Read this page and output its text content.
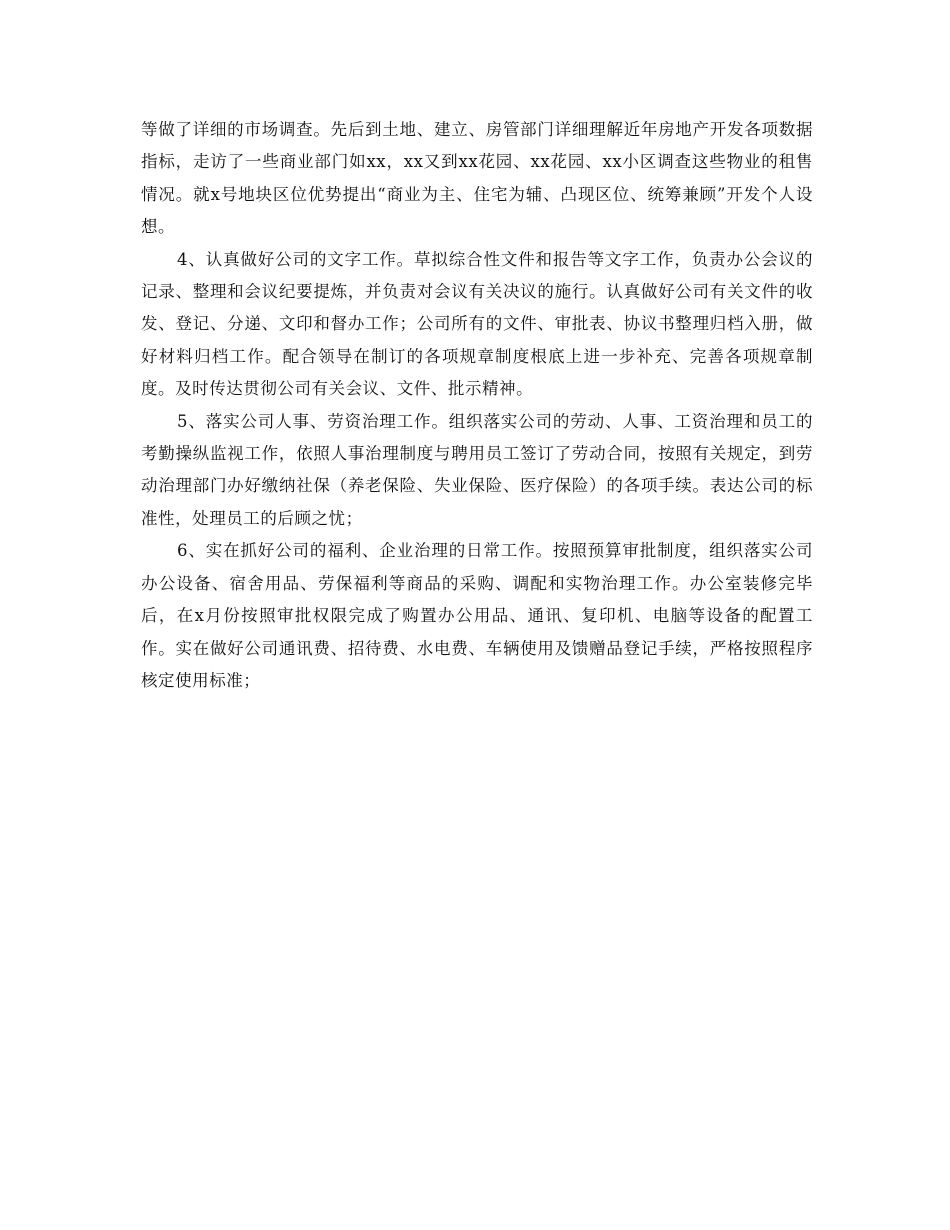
等做了详细的市场调查。先后到土地、建立、房管部门详细理解近年房地产开发各项数据指标，走访了一些商业部门如xx，xx又到xx花园、xx花园、xx小区调查这些物业的租售情况。就x号地块区位优势提出“商业为主、住宅为辅、凸现区位、统筹兼顾”开发个人设想。

4、认真做好公司的文字工作。草拟综合性文件和报告等文字工作，负责办公会议的记录、整理和会议纪要提炼，并负责对会议有关决议的施行。认真做好公司有关文件的收发、登记、分递、文印和督办工作；公司所有的文件、审批表、协议书整理归档入册，做好材料归档工作。配合领导在制订的各项规章制度根底上进一步补充、完善各项规章制度。及时传达贯彻公司有关会议、文件、批示精神。

5、落实公司人事、劳资治理工作。组织落实公司的劳动、人事、工资治理和员工的考勤操纵监视工作，依照人事治理制度与聘用员工签订了劳动合同，按照有关规定，到劳动治理部门办好缴纳社保（养老保险、失业保险、医疗保险）的各项手续。表达公司的标准性，处理员工的后顾之忧；

6、实在抓好公司的福利、企业治理的日常工作。按照预算审批制度，组织落实公司办公设备、宿舍用品、劳保福利等商品的采购、调配和实物治理工作。办公室装修完毕后，在x月份按照审批权限完成了购置办公用品、通讯、复印机、电脑等设备的配置工作。实在做好公司通讯费、招待费、水电费、车辆使用及馈赠品登记手续，严格按照程序核定使用标准；
